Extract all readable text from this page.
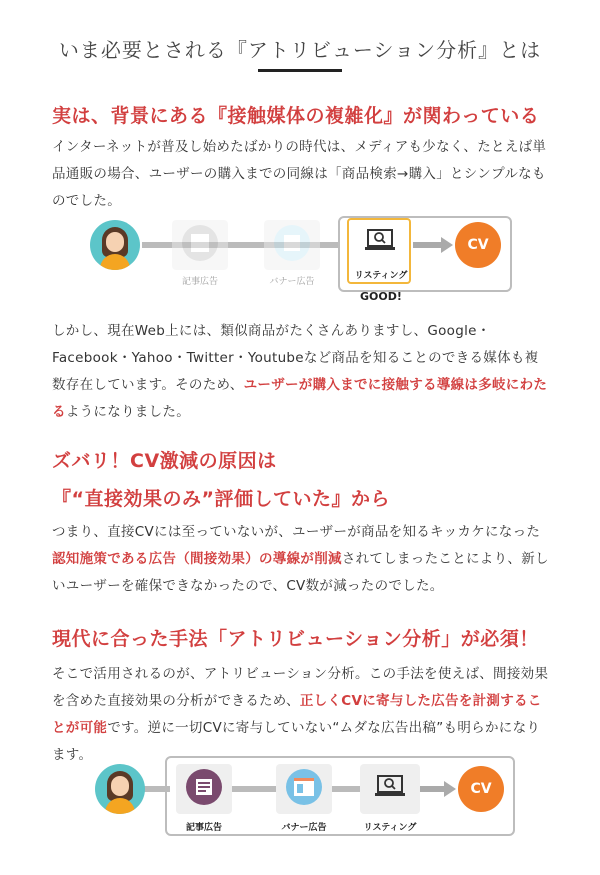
いま必要とされる『アトリビューション分析』とは
実は、背景にある『接触媒体の複雑化』が関わっている

インターネットが普及し始めたばかりの時代は、メディアも少なく、たとえば単品通販の場合、ユーザーの購入までの同線は「商品検索→購入」とシンプルなものでした。

記事広告	バナー広告
リスティング
CV
GOOD!

しかし、現在Web上には、類似商品がたくさんありますし、Google・Facebook・Yahoo・Twitter・Youtubeなど商品を知ることのできる媒体も複数存在しています。そのため、ユーザーが購入までに接触する導線は多岐にわたるようになりました。

ズバリ！CV激減の原因は
『“直接効果のみ”評価していた』から

つまり、直接CVには至っていないが、ユーザーが商品を知るキッカケになった認知施策である広告（間接効果）の導線が削減されてしまったことにより、新しいユーザーを確保できなかったので、CV数が減ったのでした。

現代に合った手法「アトリビューション分析」が必須！

そこで活用されるのが、アトリビューション分析。この手法を使えば、間接効果を含めた直接効果の分析ができるため、正しくCVに寄与した広告を計測することが可能です。逆に一切CVに寄与していない“ムダな広告出稿”も明らかになります。

記事広告	バナー広告	リスティング
CV
